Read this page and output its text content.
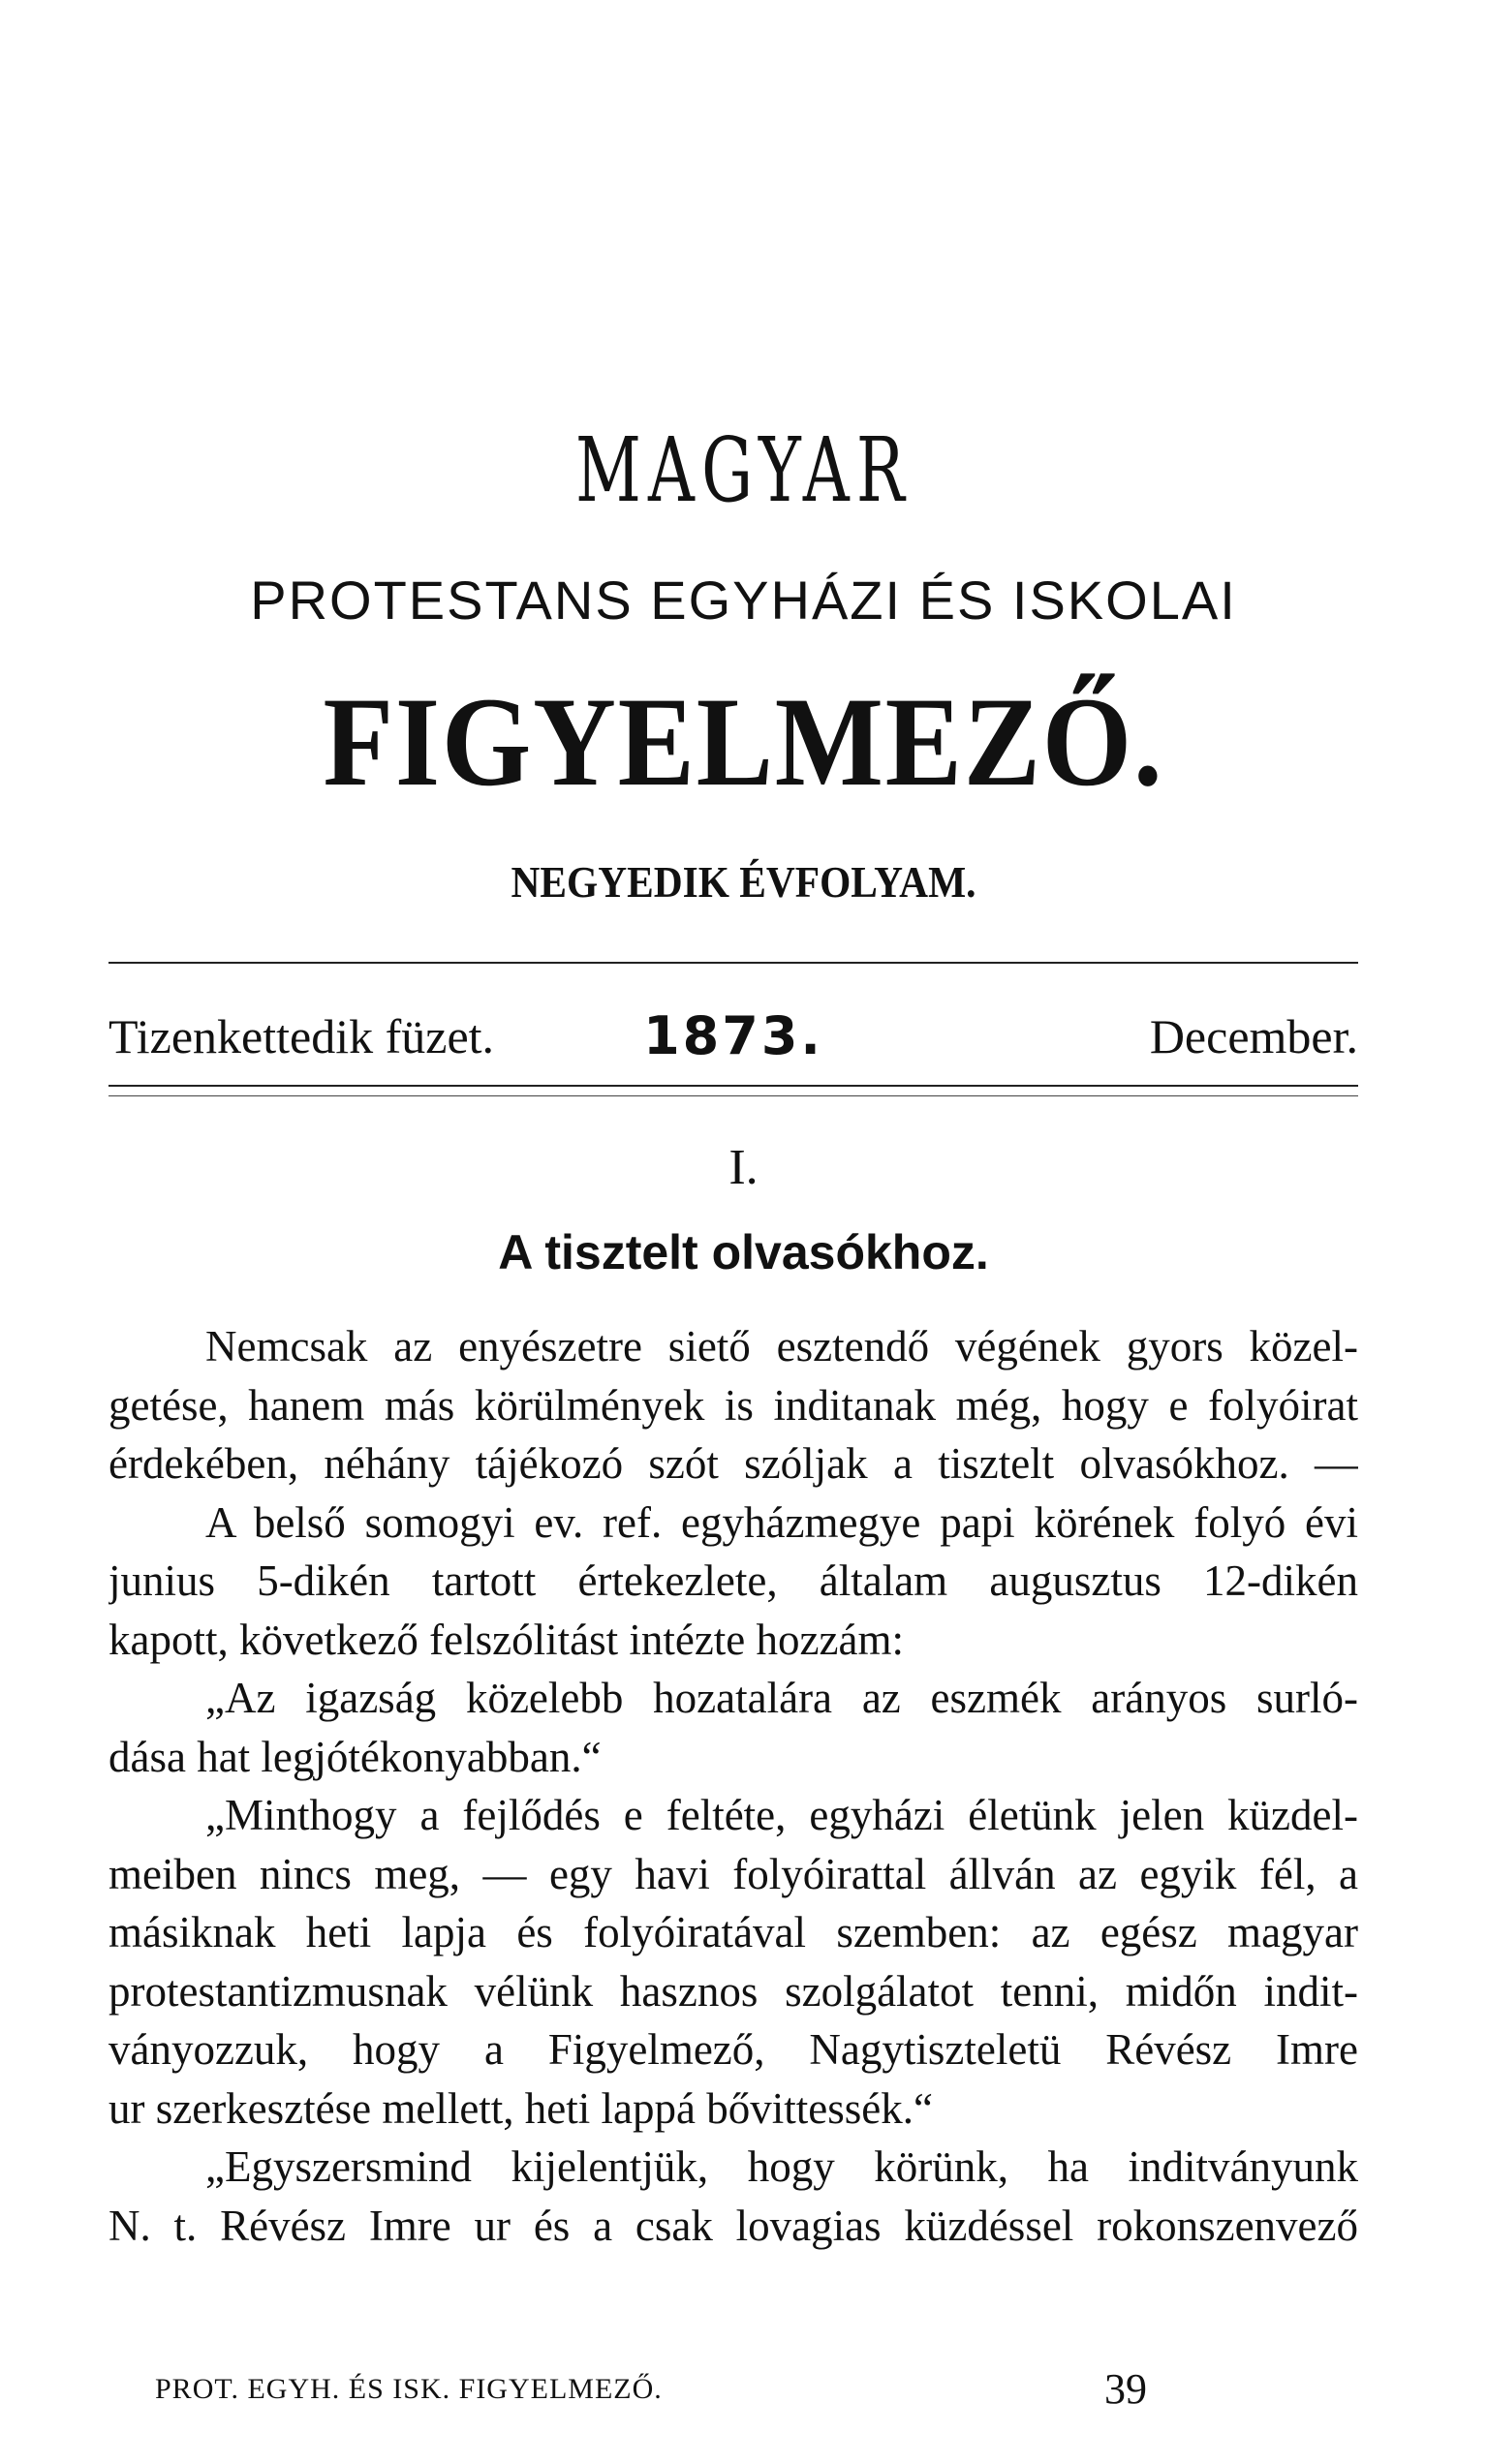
MAGYAR
PROTESTANS EGYHÁZI ÉS ISKOLAI
FIGYELMEZŐ.
NEGYEDIK ÉVFOLYAM.
Tizenkettedik füzet.	1873.	December.
I.
A tisztelt olvasókhoz.
Nemcsak az enyészetre siető esztendő végének gyors közel-
getése, hanem más körülmények is inditanak még, hogy e folyóirat
érdekében, néhány tájékozó szót szóljak a tisztelt olvasókhoz. —
A belső somogyi ev. ref. egyházmegye papi körének folyó évi
junius 5-dikén tartott értekezlete, általam augusztus 12-dikén
kapott, következő felszólitást intézte hozzám:
„Az igazság közelebb hozatalára az eszmék arányos surló-
dása hat legjótékonyabban.“
„Minthogy a fejlődés e feltéte, egyházi életünk jelen küzdel-
meiben nincs meg, — egy havi folyóirattal állván az egyik fél, a
másiknak heti lapja és folyóiratával szemben: az egész magyar
protestantizmusnak vélünk hasznos szolgálatot tenni, midőn indit-
ványozzuk, hogy a Figyelmező, Nagytiszteletü Révész Imre
ur szerkesztése mellett, heti lappá bővittessék.“
„Egyszersmind kijelentjük, hogy körünk, ha inditványunk
N. t. Révész Imre ur és a csak lovagias küzdéssel rokonszenvező
PROT. EGYH. ÉS ISK. FIGYELMEZŐ.	39
